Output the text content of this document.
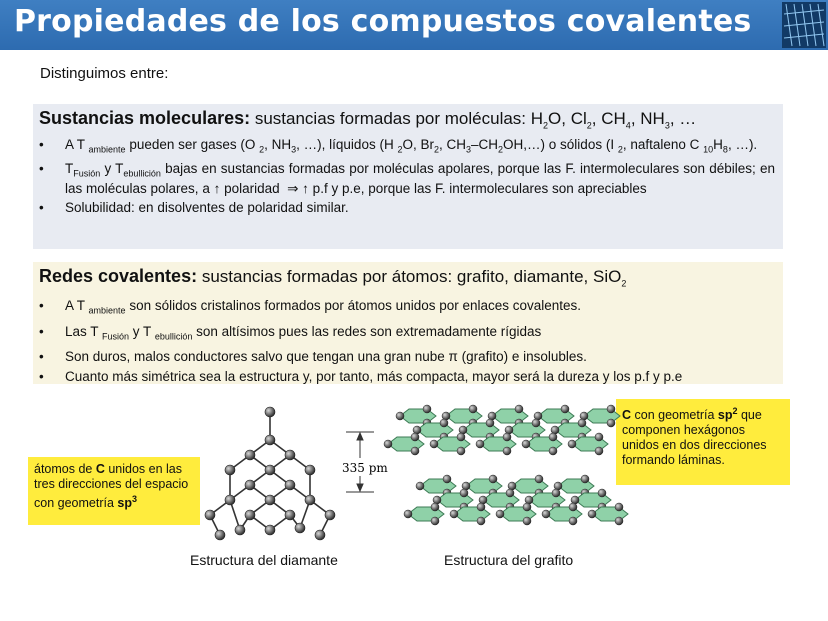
Propiedades de los compuestos covalentes
Distinguimos entre:
Sustancias moleculares: sustancias formadas por moléculas: $H_2O$, $Cl_2$, $CH_4$, $NH_3$, …
• A T $_{ambiente}$ pueden ser gases (O $_2$, $NH_3$, …), líquidos (H $_2$O, $Br_2$, $CH_3-CH_2OH,\dots$) o sólidos (I $_2$, naftaleno C $_{10}H_8$, …).
• $T_{Fusión}$ y $T_{ebullición}$ bajas en sustancias formadas por moléculas apolares, porque las F. intermoleculares son débiles; en las moléculas polares, a ↑ polaridad  ⇒ ↑ p.f y p.e, porque las F. intermoleculares son apreciables
• Solubilidad: en disolventes de polaridad similar.
Redes covalentes: sustancias formadas por átomos: grafito, diamante, SiO$_2$
• A T $_{ambiente}$ son sólidos cristalinos formados por átomos unidos por enlaces covalentes.
• Las T $_{Fusión}$ y T $_{ebullición}$ son altísimos pues las redes son extremadamente rígidas
• Son duros, malos conductores salvo que tengan una gran nube π (grafito) e insolubles.
• Cuanto más simétrica sea la estructura y, por tanto, más compacta, mayor será la dureza y los p.f y p.e
átomos de C unidos en las tres direcciones del espacio con geometría $sp^3$
C con geometría $sp^2$ que componen hexágonos unidos en dos direcciones formando láminas.
335 pm
Estructura del diamante	Estructura del grafito
